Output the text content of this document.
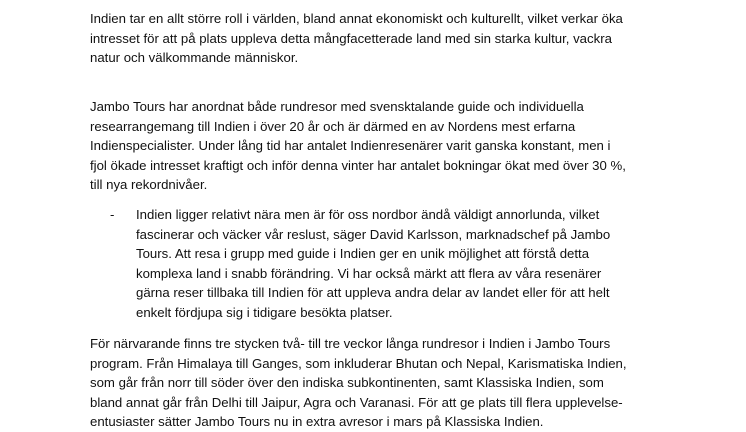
Indien tar en allt större roll i världen, bland annat ekonomiskt och kulturellt, vilket verkar öka
intresset för att på plats uppleva detta mångfacetterade land med sin starka kultur, vackra
natur och välkommande människor.

Jambo Tours har anordnat både rundresor med svensktalande guide och individuella
researrangemang till Indien i över 20 år och är därmed en av Nordens mest erfarna
Indienspecialister. Under lång tid har antalet Indienresenärer varit ganska konstant, men i
fjol ökade intresset kraftigt och inför denna vinter har antalet bokningar ökat med över 30 %,
till nya rekordnivåer.

- Indien ligger relativt nära men är för oss nordbor ändå väldigt annorlunda, vilket
fascinerar och väcker vår reslust, säger David Karlsson, marknadschef på Jambo
Tours. Att resa i grupp med guide i Indien ger en unik möjlighet att förstå detta
komplexa land i snabb förändring. Vi har också märkt att flera av våra resenärer
gärna reser tillbaka till Indien för att uppleva andra delar av landet eller för att helt
enkelt fördjupa sig i tidigare besökta platser.

För närvarande finns tre stycken två- till tre veckor långa rundresor i Indien i Jambo Tours
program. Från Himalaya till Ganges, som inkluderar Bhutan och Nepal, Karismatiska Indien,
som går från norr till söder över den indiska subkontinenten, samt Klassiska Indien, som
bland annat går från Delhi till Jaipur, Agra och Varanasi. För att ge plats till flera upplevelse-
entusiaster sätter Jambo Tours nu in extra avresor i mars på Klassiska Indien.
